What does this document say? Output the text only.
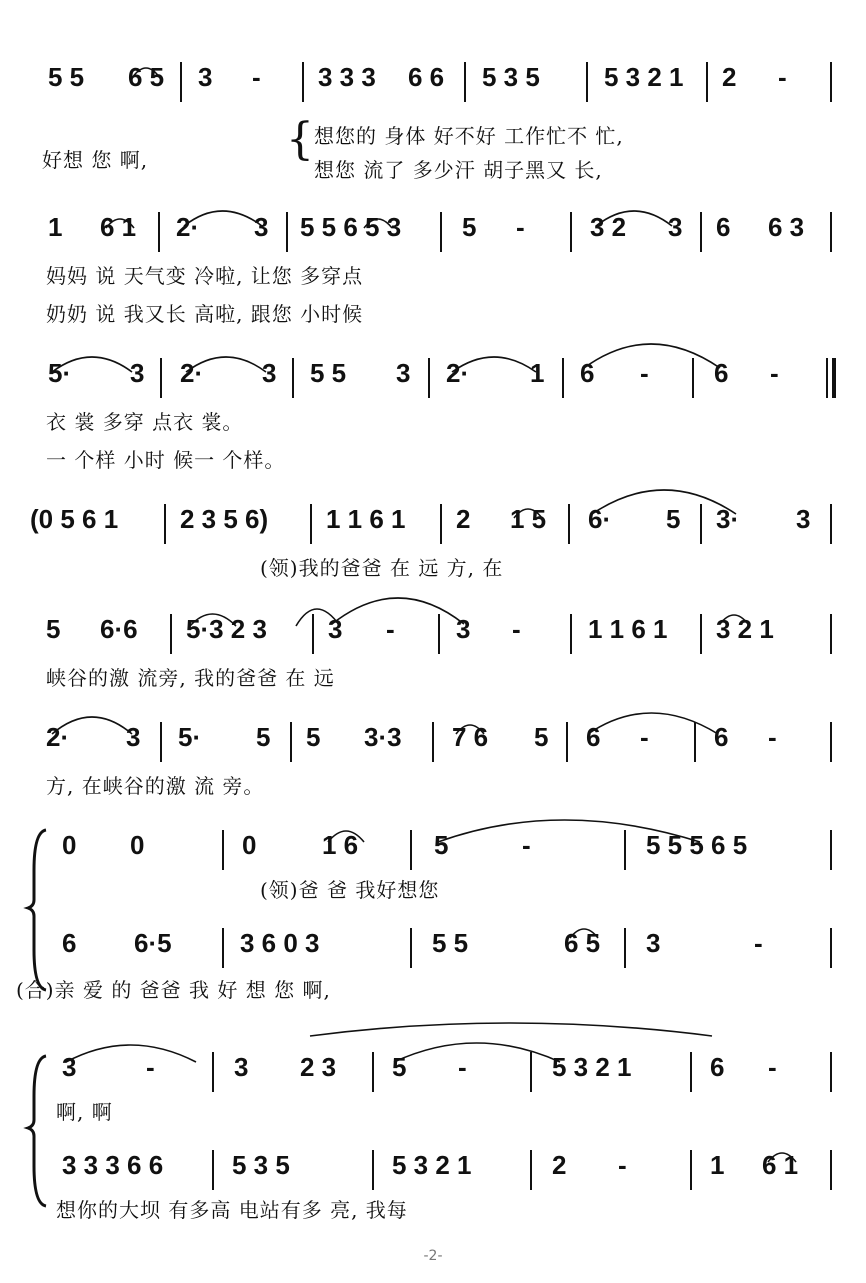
5 5 6 5 3 - 3 3 3 6 6 5 3 5 5 3 2 1 2 -
好想 您 啊,	{ 想您的 身体 好不好 工作忙不 忙,
想您 流了 多少汗 胡子黑又 长,
1 6 1 2· 3 5 5 6 5 3 5 -	3 2 3 6 6 3
妈妈 说 天气变 冷啦, 让您 多穿点
奶奶 说 我又长 高啦, 跟您 小时候
5· 3 2· 3 5 5 3 2· 1 6 -	6 -
衣 裳 多穿 点衣 裳。
一 个样 小时 候一 个样。
(0 5 6 1 2 3 5 6) 1 1 6 1 2 1 5 6· 5 3· 3
(领)我的爸爸 在 远 方, 在
5 6·6 5·3 2 3 3 - 3 -	1 1 6 1 3 2 1
峡谷的激 流旁, 我的爸爸 在 远
2· 3 5· 5 5 3·3 7 6 5 6 -	6 -
方, 在峡谷的激 流 旁。
0 0	0	1 6	5	-	5 5 5 6 5
(领)爸 爸 我好想您
6 6·5	3 6 0 3	5 5	6 5 3	-
(合)亲 爱 的 爸爸 我 好 想 您 啊,
3	-	3 2 3 5 -	5 3 2 1	6 -
啊, 啊
3 3 3 6 6	5 3 5	5 3 2 1	2 -	1 6 1
想你的大坝 有多高 电站有多 亮, 我每
-2-
